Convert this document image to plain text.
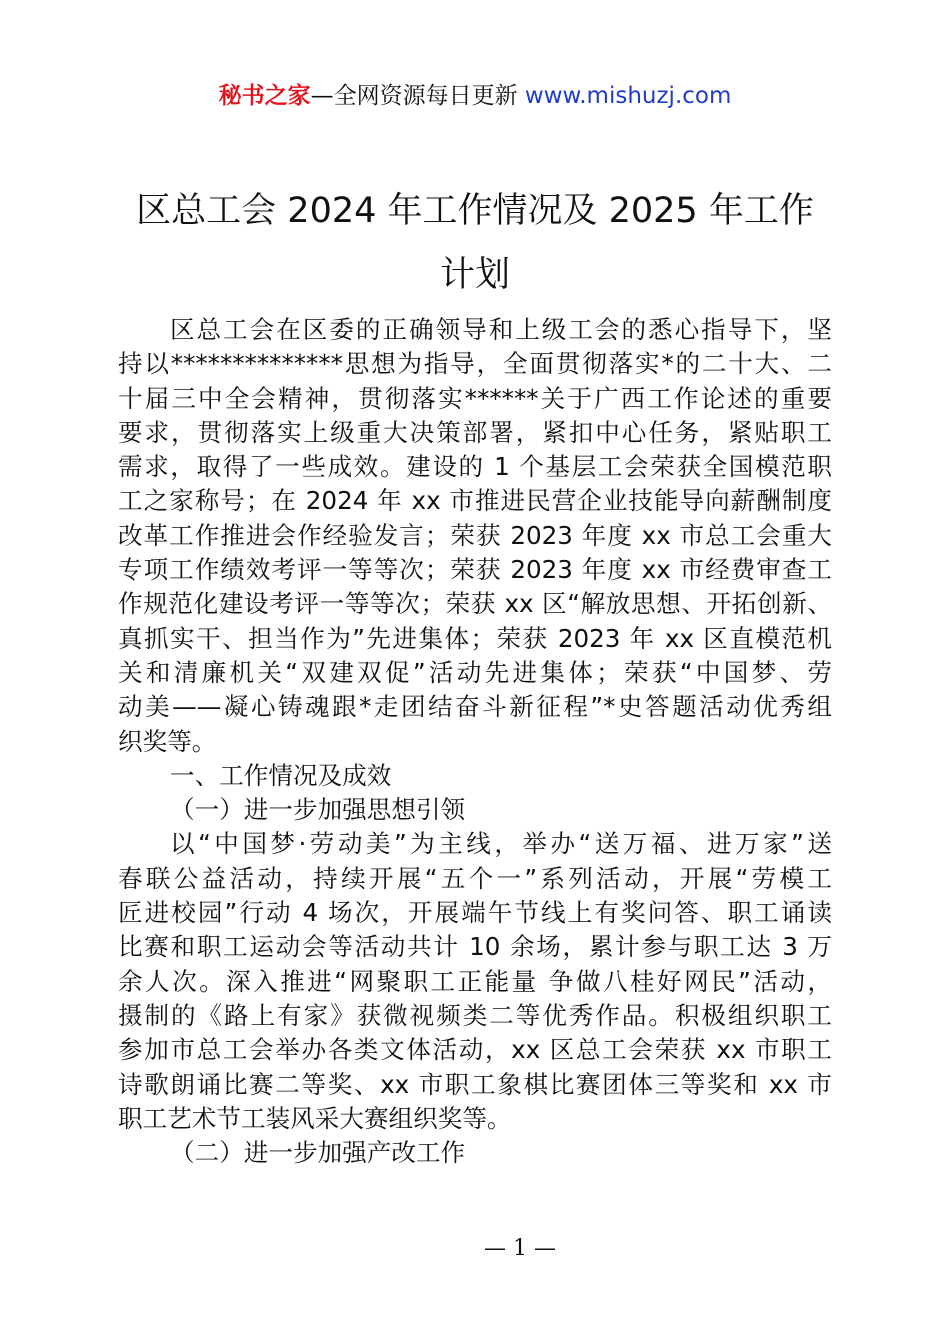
秘书之家—全网资源每日更新 www.mishuzj.com
区总工会 2024 年工作情况及 2025 年工作
计划
区总工会在区委的正确领导和上级工会的悉心指导下，坚
持以**************思想为指导，全面贯彻落实*的二十大、二
十届三中全会精神，贯彻落实******关于广西工作论述的重要
要求，贯彻落实上级重大决策部署，紧扣中心任务，紧贴职工
需求，取得了一些成效。建设的 1 个基层工会荣获全国模范职
工之家称号；在 2024 年 xx 市推进民营企业技能导向薪酬制度
改革工作推进会作经验发言；荣获 2023 年度 xx 市总工会重大
专项工作绩效考评一等等次；荣获 2023 年度 xx 市经费审查工
作规范化建设考评一等等次；荣获 xx 区“解放思想、开拓创新、
真抓实干、担当作为”先进集体；荣获 2023 年 xx 区直模范机
关和清廉机关“双建双促”活动先进集体；荣获“中国梦、劳
动美——凝心铸魂跟*走团结奋斗新征程”*史答题活动优秀组
织奖等。
一、工作情况及成效
（一）进一步加强思想引领
以“中国梦·劳动美”为主线，举办“送万福、进万家”送
春联公益活动，持续开展“五个一”系列活动，开展“劳模工
匠进校园”行动 4 场次，开展端午节线上有奖问答、职工诵读
比赛和职工运动会等活动共计 10 余场，累计参与职工达 3 万
余人次。深入推进“网聚职工正能量 争做八桂好网民”活动，
摄制的《路上有家》获微视频类二等优秀作品。积极组织职工
参加市总工会举办各类文体活动，xx 区总工会荣获 xx 市职工
诗歌朗诵比赛二等奖、xx 市职工象棋比赛团体三等奖和 xx 市
职工艺术节工装风采大赛组织奖等。
（二）进一步加强产改工作
— 1 —
